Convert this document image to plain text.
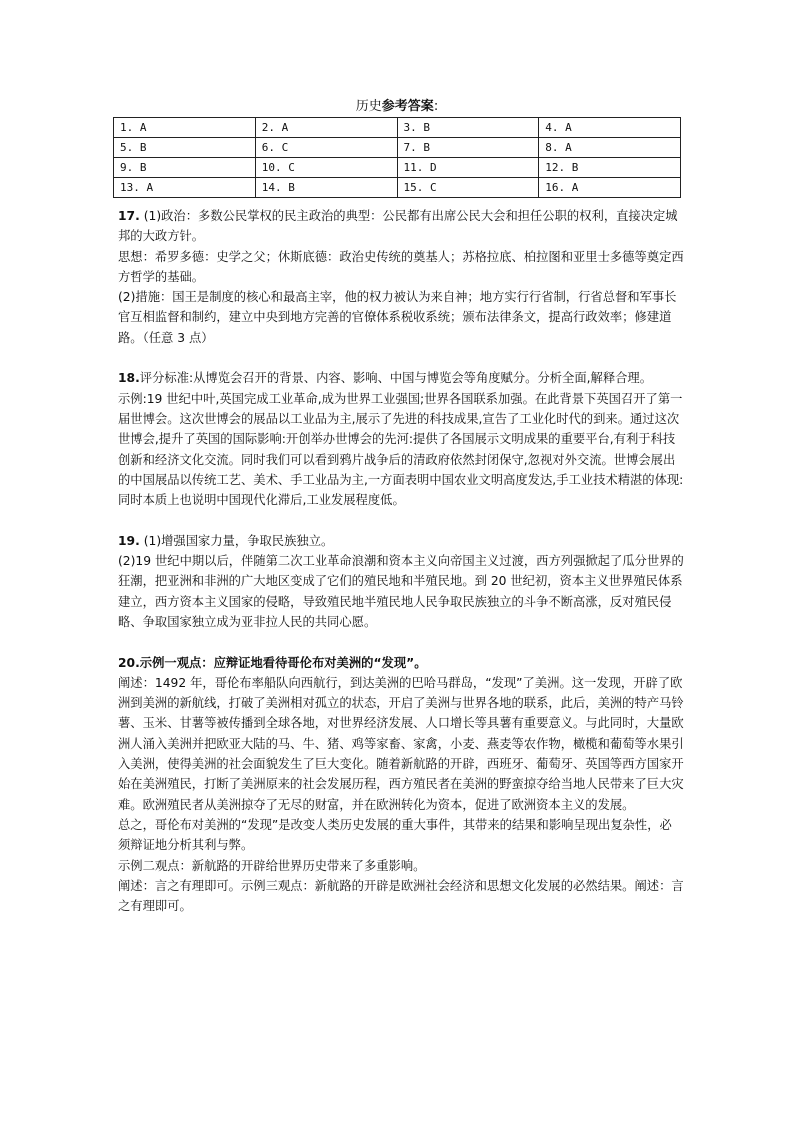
历史参考答案:
1. A	2. A	3. B	4. A
5. B	6. C	7. B	8. A
9. B	10. C	11. D	12. B
13. A	14. B	15. C	16. A

17. (1)政治：多数公民掌权的民主政治的典型：公民都有出席公民大会和担任公职的权利，直接决定城邦的大政方针。

思想：希罗多德：史学之父；休斯底德：政治史传统的奠基人；苏格拉底、柏拉图和亚里士多德等奠定西方哲学的基础。

(2)措施：国王是制度的核心和最高主宰，他的权力被认为来自神；地方实行行省制，行省总督和军事长官互相监督和制约，建立中央到地方完善的官僚体系税收系统；颁布法律条文，提高行政效率；修建道路。（任意 3 点）

18.评分标准:从博览会召开的背景、内容、影响、中国与博览会等角度赋分。分析全面,解释合理。

示例:19 世纪中叶,英国完成工业革命,成为世界工业强国;世界各国联系加强。在此背景下英国召开了第一届世博会。这次世博会的展品以工业品为主,展示了先进的科技成果,宣告了工业化时代的到来。通过这次世博会,提升了英国的国际影响:开创举办世博会的先河:提供了各国展示文明成果的重要平台,有利于科技创新和经济文化交流。同时我们可以看到鸦片战争后的清政府依然封闭保守,忽视对外交流。世博会展出的中国展品以传统工艺、美术、手工业品为主,一方面表明中国农业文明高度发达,手工业技术精湛的体现:同时本质上也说明中国现代化滞后,工业发展程度低。

19. (1)增强国家力量，争取民族独立。

(2)19 世纪中期以后，伴随第二次工业革命浪潮和资本主义向帝国主义过渡，西方列强掀起了瓜分世界的狂潮，把亚洲和非洲的广大地区变成了它们的殖民地和半殖民地。到 20 世纪初，资本主义世界殖民体系建立，西方资本主义国家的侵略，导致殖民地半殖民地人民争取民族独立的斗争不断高涨，反对殖民侵略、争取国家独立成为亚非拉人民的共同心愿。

20.示例一观点：应辩证地看待哥伦布对美洲的“发现”。

阐述：1492 年，哥伦布率船队向西航行，到达美洲的巴哈马群岛，“发现”了美洲。这一发现，开辟了欧洲到美洲的新航线，打破了美洲相对孤立的状态，开启了美洲与世界各地的联系，此后，美洲的特产马铃薯、玉米、甘薯等被传播到全球各地，对世界经济发展、人口增长等具薯有重要意义。与此同时，大量欧洲人涌入美洲并把欧亚大陆的马、牛、猪、鸡等家畜、家禽，小麦、燕麦等农作物，橄榄和葡萄等水果引入美洲，使得美洲的社会面貌发生了巨大变化。随着新航路的开辟，西班牙、葡萄牙、英国等西方国家开始在美洲殖民，打断了美洲原来的社会发展历程，西方殖民者在美洲的野蛮掠夺给当地人民带来了巨大灾难。欧洲殖民者从美洲掠夺了无尽的财富，并在欧洲转化为资本，促进了欧洲资本主义的发展。

总之，哥伦布对美洲的“发现”是改变人类历史发展的重大事件，其带来的结果和影响呈现出复杂性，必须辩证地分析其利与弊。

示例二观点：新航路的开辟给世界历史带来了多重影响。

阐述：言之有理即可。示例三观点：新航路的开辟是欧洲社会经济和思想文化发展的必然结果。阐述：言之有理即可。
